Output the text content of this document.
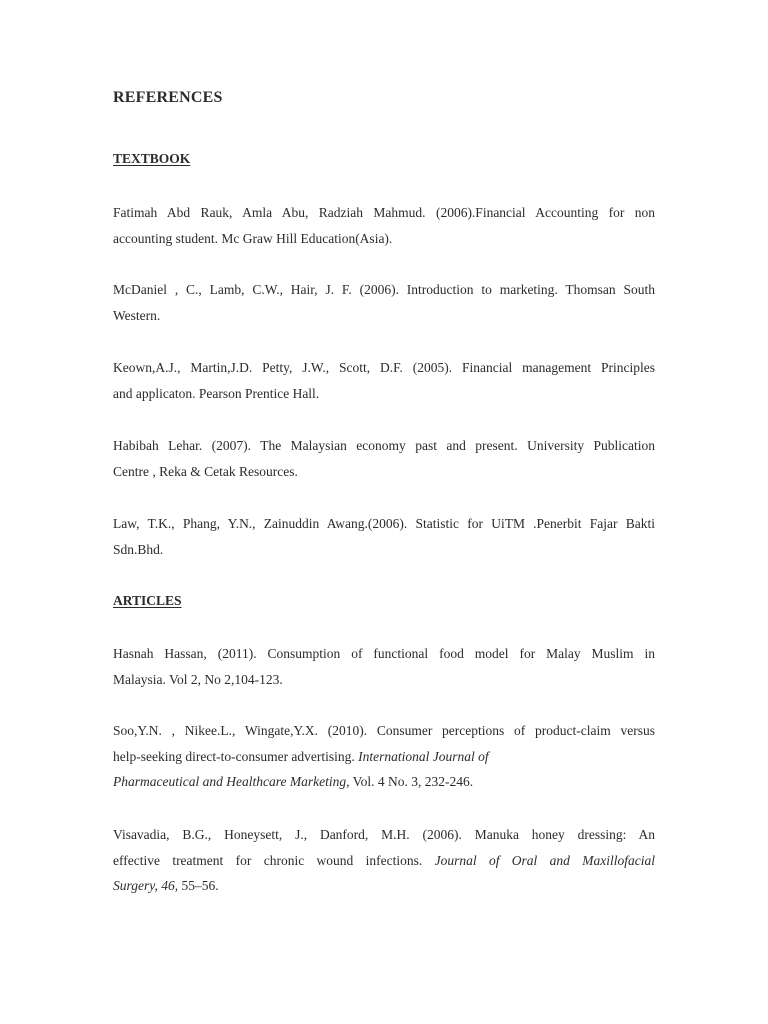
REFERENCES
TEXTBOOK

Fatimah Abd Rauk, Amla Abu, Radziah Mahmud. (2006).Financial Accounting for non
accounting student. Mc Graw Hill Education(Asia).

McDaniel , C., Lamb, C.W., Hair, J. F. (2006). Introduction to marketing. Thomsan South
Western.

Keown,A.J., Martin,J.D. Petty, J.W., Scott, D.F. (2005). Financial management Principles
and applicaton. Pearson Prentice Hall.

Habibah Lehar. (2007). The Malaysian economy past and present. University Publication
Centre , Reka & Cetak Resources.

Law, T.K., Phang, Y.N., Zainuddin Awang.(2006). Statistic for UiTM .Penerbit Fajar Bakti
Sdn.Bhd.

ARTICLES

Hasnah Hassan, (2011). Consumption of functional food model for Malay Muslim in
Malaysia. Vol 2, No 2,104-123.

Soo,Y.N. , Nikee.L., Wingate,Y.X. (2010). Consumer perceptions of product-claim versus
help-seeking direct-to-consumer advertising. International Journal of
Pharmaceutical and Healthcare Marketing, Vol. 4 No. 3, 232-246.

Visavadia, B.G., Honeysett, J., Danford, M.H. (2006). Manuka honey dressing: An
effective treatment for chronic wound infections. Journal of Oral and Maxillofacial
Surgery, 46, 55–56.
